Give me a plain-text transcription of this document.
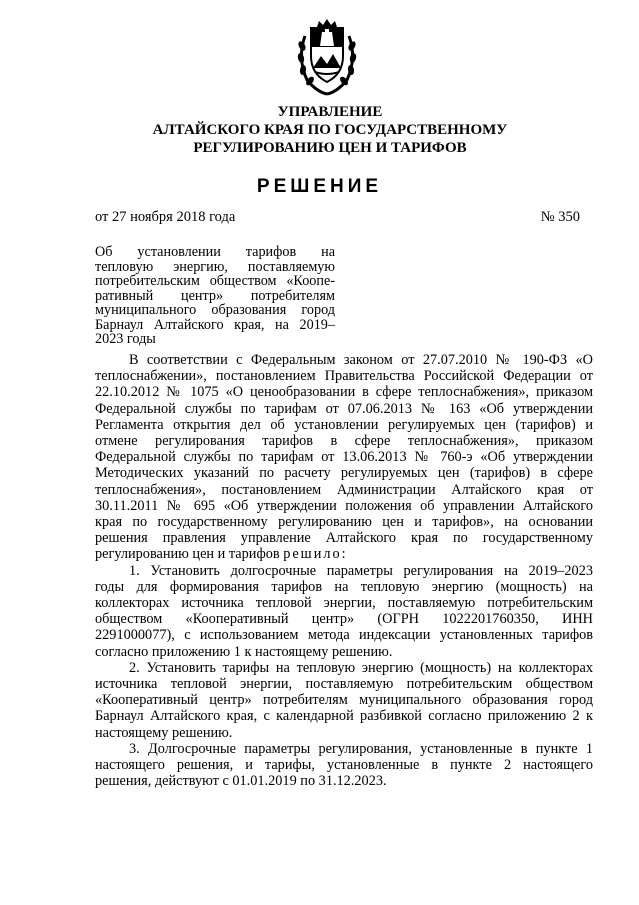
УПРАВЛЕНИЕ
АЛТАЙСКОГО КРАЯ ПО ГОСУДАРСТВЕННОМУ
РЕГУЛИРОВАНИЮ ЦЕН И ТАРИФОВ
РЕШЕНИЕ
от 27 ноября 2018 года	№ 350
Об установлении тарифов на
тепловую энергию, поставляемую
потребительским обществом «Коопе-
ративный центр» потребителям
муниципального образования город
Барнаул Алтайского края, на 2019–
2023 годы
В соответствии с Федеральным законом от 27.07.2010 № 190-ФЗ «О
теплоснабжении», постановлением Правительства Российской Федерации от
22.10.2012 № 1075 «О ценообразовании в сфере теплоснабжения», приказом
Федеральной службы по тарифам от 07.06.2013 № 163 «Об утверждении
Регламента открытия дел об установлении регулируемых цен (тарифов) и
отмене регулирования тарифов в сфере теплоснабжения», приказом
Федеральной службы по тарифам от 13.06.2013 № 760-э «Об утверждении
Методических указаний по расчету регулируемых цен (тарифов) в сфере
теплоснабжения», постановлением Администрации Алтайского края от
30.11.2011 № 695 «Об утверждении положения об управлении Алтайского
края по государственному регулированию цен и тарифов», на основании
решения правления управление Алтайского края по государственному
регулированию цен и тарифов решило:
1. Установить долгосрочные параметры регулирования на 2019–2023
годы для формирования тарифов на тепловую энергию (мощность) на
коллекторах источника тепловой энергии, поставляемую потребительским
обществом «Кооперативный центр» (ОГРН 1022201760350, ИНН
2291000077), с использованием метода индексации установленных тарифов
согласно приложению 1 к настоящему решению.
2. Установить тарифы на тепловую энергию (мощность) на коллекторах
источника тепловой энергии, поставляемую потребительским обществом
«Кооперативный центр» потребителям муниципального образования город
Барнаул Алтайского края, с календарной разбивкой согласно приложению 2 к
настоящему решению.
3. Долгосрочные параметры регулирования, установленные в пункте 1
настоящего решения, и тарифы, установленные в пункте 2 настоящего
решения, действуют с 01.01.2019 по 31.12.2023.
